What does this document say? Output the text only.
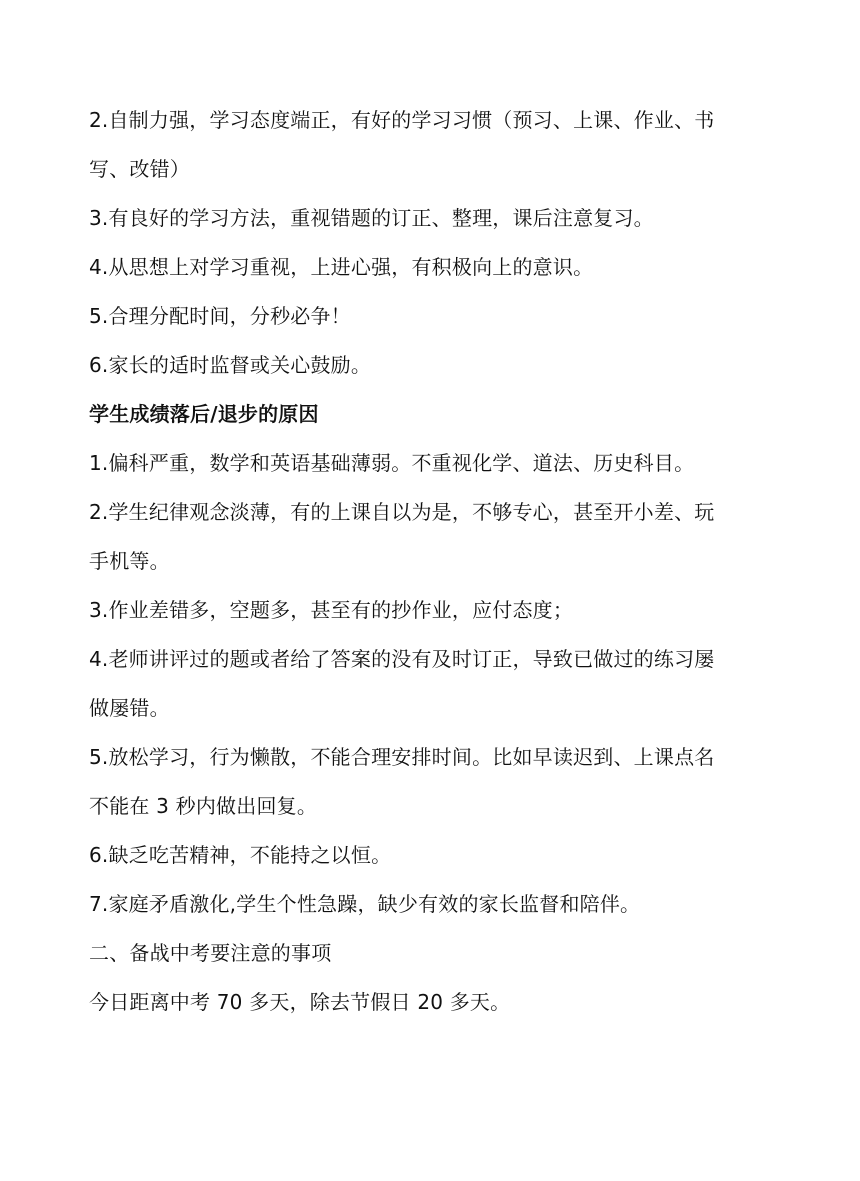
2.自制力强，学习态度端正，有好的学习习惯（预习、上课、作业、书
写、改错）
3.有良好的学习方法，重视错题的订正、整理，课后注意复习。
4.从思想上对学习重视，上进心强，有积极向上的意识。
5.合理分配时间，分秒必争！
6.家长的适时监督或关心鼓励。
学生成绩落后/退步的原因
1.偏科严重，数学和英语基础薄弱。不重视化学、道法、历史科目。
2.学生纪律观念淡薄，有的上课自以为是，不够专心，甚至开小差、玩
手机等。
3.作业差错多，空题多，甚至有的抄作业，应付态度；
4.老师讲评过的题或者给了答案的没有及时订正，导致已做过的练习屡
做屡错。
5.放松学习，行为懒散，不能合理安排时间。比如早读迟到、上课点名
不能在 3 秒内做出回复。
6.缺乏吃苦精神，不能持之以恒。
7.家庭矛盾激化,学生个性急躁，缺少有效的家长监督和陪伴。
二、备战中考要注意的事项
今日距离中考 70 多天，除去节假日 20 多天。
